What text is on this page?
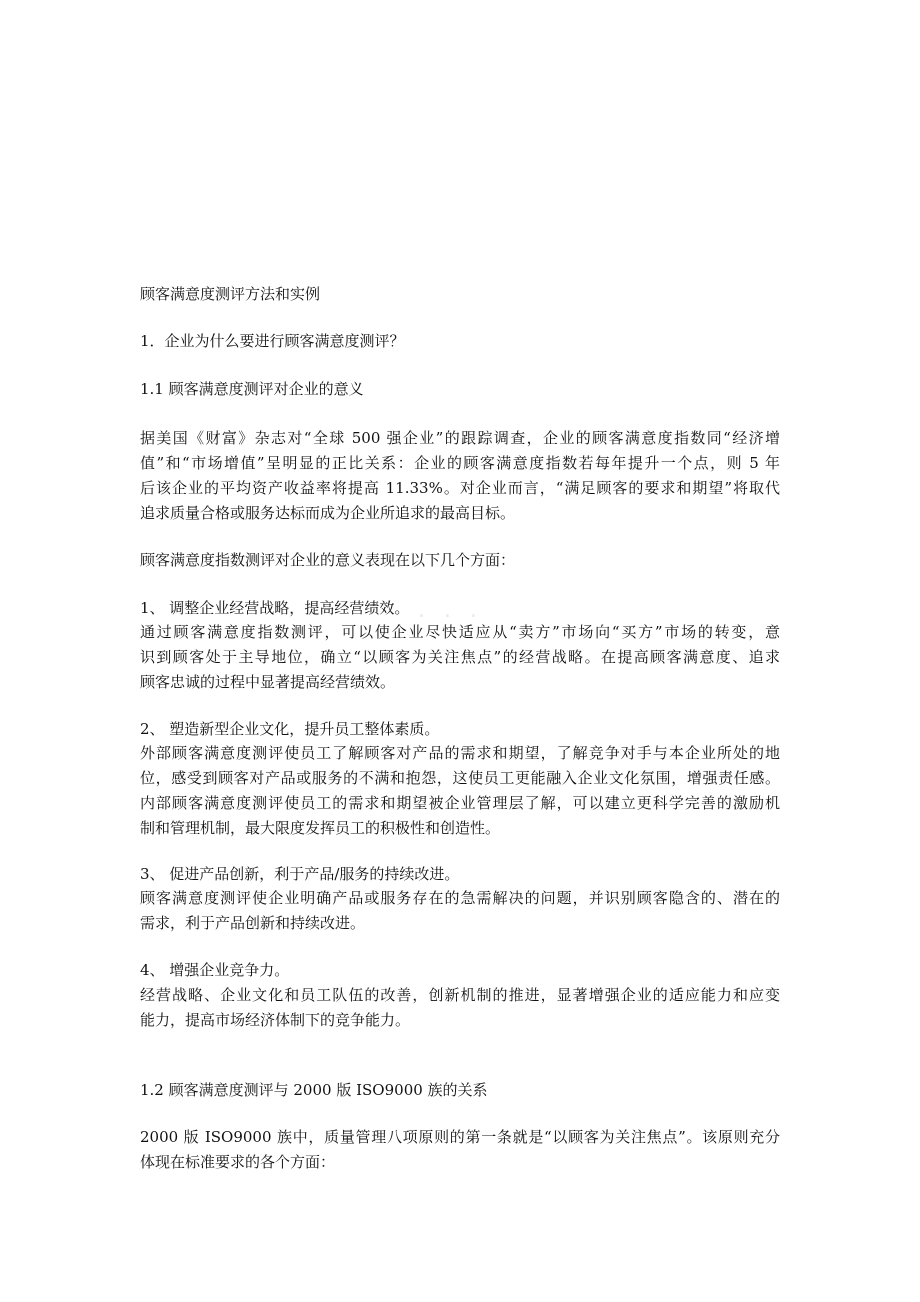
. . .
顾客满意度测评方法和实例
1．企业为什么要进行顾客满意度测评？
1.1 顾客满意度测评对企业的意义
据美国《财富》杂志对“全球 500 强企业”的跟踪调查，企业的顾客满意度指数同“经济增
值”和“市场增值”呈明显的正比关系：企业的顾客满意度指数若每年提升一个点，则 5 年
后该企业的平均资产收益率将提高 11.33%。对企业而言，“满足顾客的要求和期望”将取代
追求质量合格或服务达标而成为企业所追求的最高目标。
顾客满意度指数测评对企业的意义表现在以下几个方面：
1、 调整企业经营战略，提高经营绩效。
通过顾客满意度指数测评，可以使企业尽快适应从“卖方”市场向“买方”市场的转变，意
识到顾客处于主导地位，确立“以顾客为关注焦点”的经营战略。在提高顾客满意度、追求
顾客忠诚的过程中显著提高经营绩效。
2、 塑造新型企业文化，提升员工整体素质。
外部顾客满意度测评使员工了解顾客对产品的需求和期望，了解竞争对手与本企业所处的地
位，感受到顾客对产品或服务的不满和抱怨，这使员工更能融入企业文化氛围，增强责任感。
内部顾客满意度测评使员工的需求和期望被企业管理层了解，可以建立更科学完善的激励机
制和管理机制，最大限度发挥员工的积极性和创造性。
3、 促进产品创新，利于产品/服务的持续改进。
顾客满意度测评使企业明确产品或服务存在的急需解决的问题，并识别顾客隐含的、潜在的
需求，利于产品创新和持续改进。
4、 增强企业竞争力。
经营战略、企业文化和员工队伍的改善，创新机制的推进，显著增强企业的适应能力和应变
能力，提高市场经济体制下的竞争能力。
1.2 顾客满意度测评与 2000 版 ISO9000 族的关系
2000 版 ISO9000 族中，质量管理八项原则的第一条就是“以顾客为关注焦点”。该原则充分
体现在标准要求的各个方面：
